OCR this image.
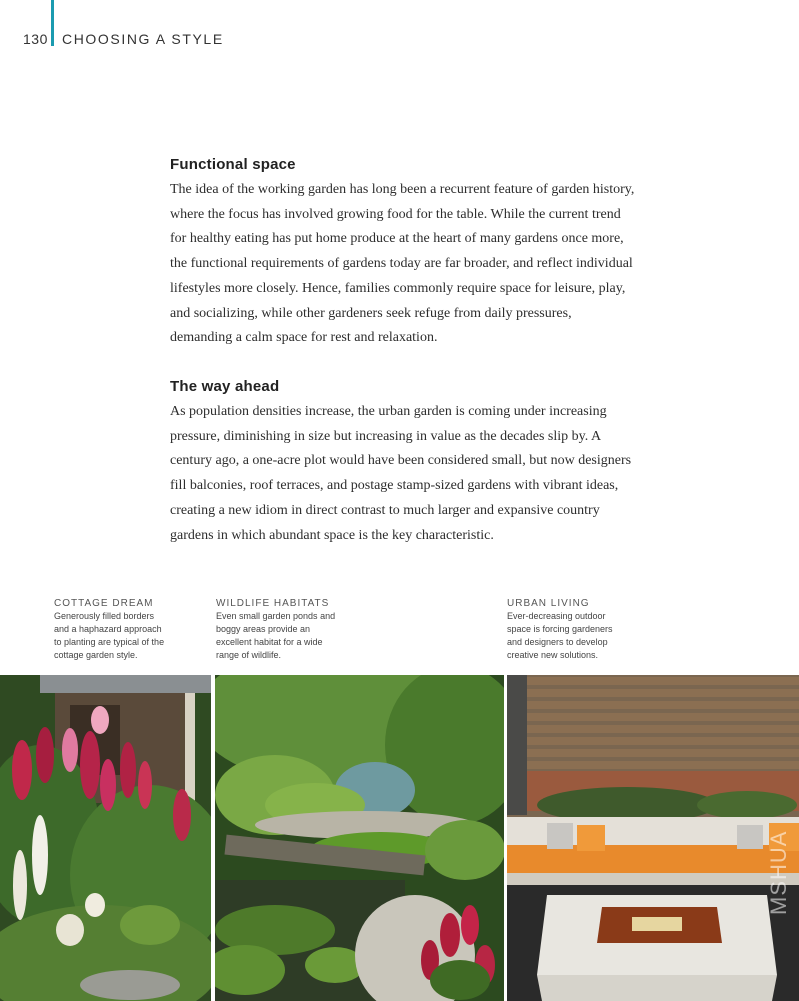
130 CHOOSING A STYLE
Functional space

The idea of the working garden has long been a recurrent feature of garden history, where the focus has involved growing food for the table. While the current trend for healthy eating has put home produce at the heart of many gardens once more, the functional requirements of gardens today are far broader, and reflect individual lifestyles more closely. Hence, families commonly require space for leisure, play, and socializing, while other gardeners seek refuge from daily pressures, demanding a calm space for rest and relaxation.

The way ahead

As population densities increase, the urban garden is coming under increasing pressure, diminishing in size but increasing in value as the decades slip by. A century ago, a one-acre plot would have been considered small, but now designers fill balconies, roof terraces, and postage stamp-sized gardens with vibrant ideas, creating a new idiom in direct contrast to much larger and expansive country gardens in which abundant space is the key characteristic.

COTTAGE DREAM
Generously filled borders and a haphazard approach to planting are typical of the cottage garden style.
WILDLIFE HABITATS
Even small garden ponds and boggy areas provide an excellent habitat for a wide range of wildlife.
URBAN LIVING
Ever-decreasing outdoor space is forcing gardeners and designers to develop creative new solutions.
MSHUA
